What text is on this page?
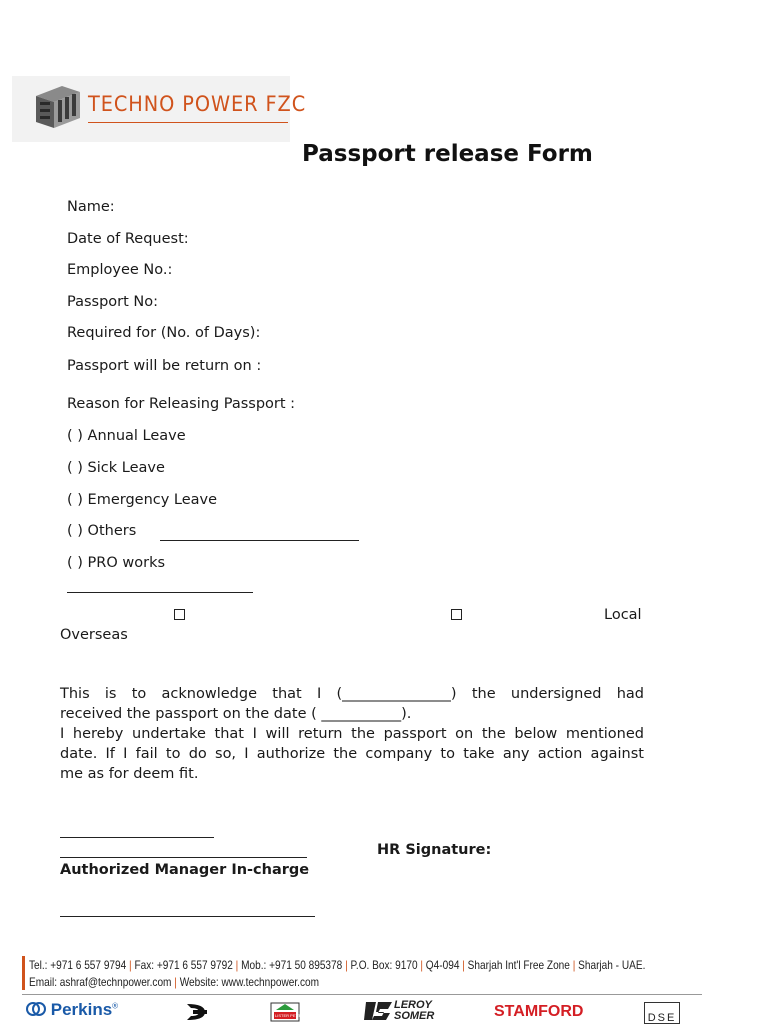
TECHNO POWER FZC
Passport release Form
Name:
Date of Request:
Employee No.:
Passport No:
Required for (No. of Days):
Passport will be return on :
Reason for Releasing Passport :
( ) Annual Leave
( ) Sick Leave
( ) Emergency Leave
( ) Others
( ) PRO works
Local
Overseas

This is to acknowledge that I (_______________) the undersigned had

received the passport on the date ( ___________).

I hereby undertake that I will return the passport on the below mentioned

date. If I fail to do so, I authorize the company to take any action against

me as for deem fit.

HR Signature:
Authorized Manager In-charge
Tel.: +971 6 557 9794 | Fax: +971 6 557 9792 | Mob.: +971 50 895378 | P.O. Box: 9170 | Q4-094 | Sharjah Int'l Free Zone | Sharjah - UAE.
Email: ashraf@technpower.com | Website: www.technpower.com
Perkins®
LISTER PETTER
LEROY
SOMER	STAMFORD	DSE
